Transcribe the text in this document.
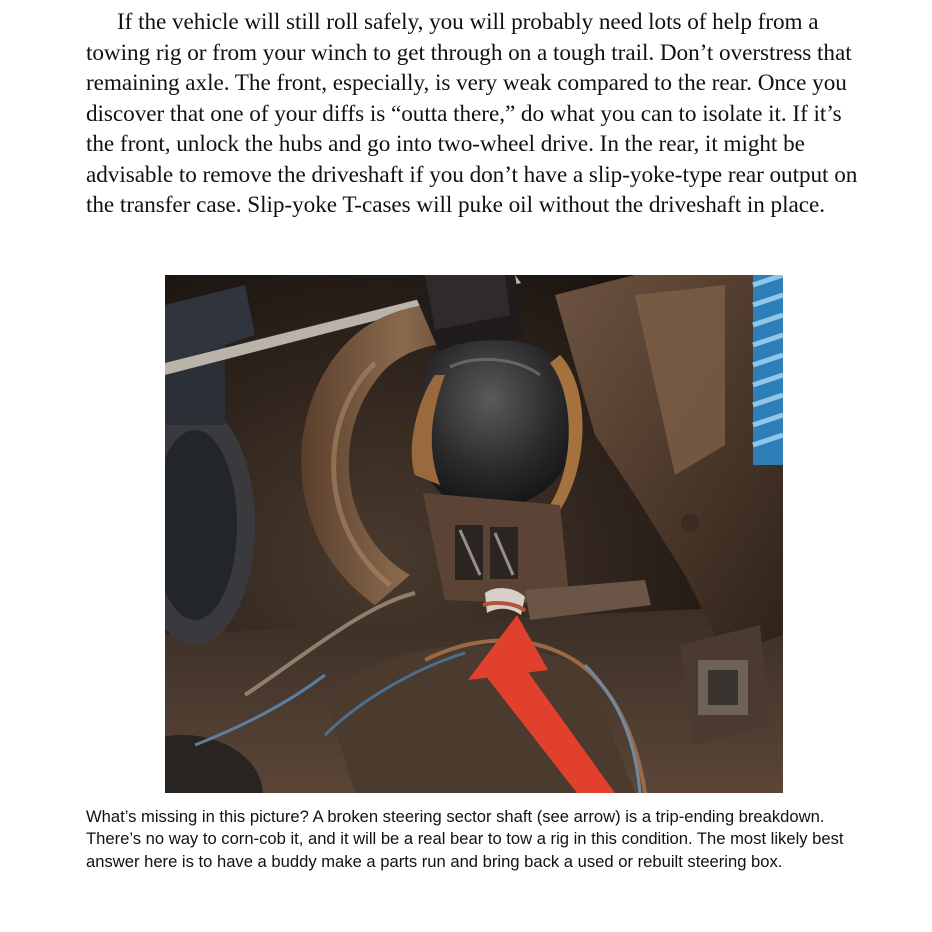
If the vehicle will still roll safely, you will probably need lots of help from a towing rig or from your winch to get through on a tough trail. Don’t overstress that remaining axle. The front, especially, is very weak compared to the rear. Once you discover that one of your diffs is “outta there,” do what you can to isolate it. If it’s the front, unlock the hubs and go into two-wheel drive. In the rear, it might be advisable to remove the driveshaft if you don’t have a slip-yoke-type rear output on the transfer case. Slip-yoke T-cases will puke oil without the driveshaft in place.

What’s missing in this picture? A broken steering sector shaft (see arrow) is a trip-ending breakdown. There’s no way to corn-cob it, and it will be a real bear to tow a rig in this condition. The most likely best answer here is to have a buddy make a parts run and bring back a used or rebuilt steering box.
